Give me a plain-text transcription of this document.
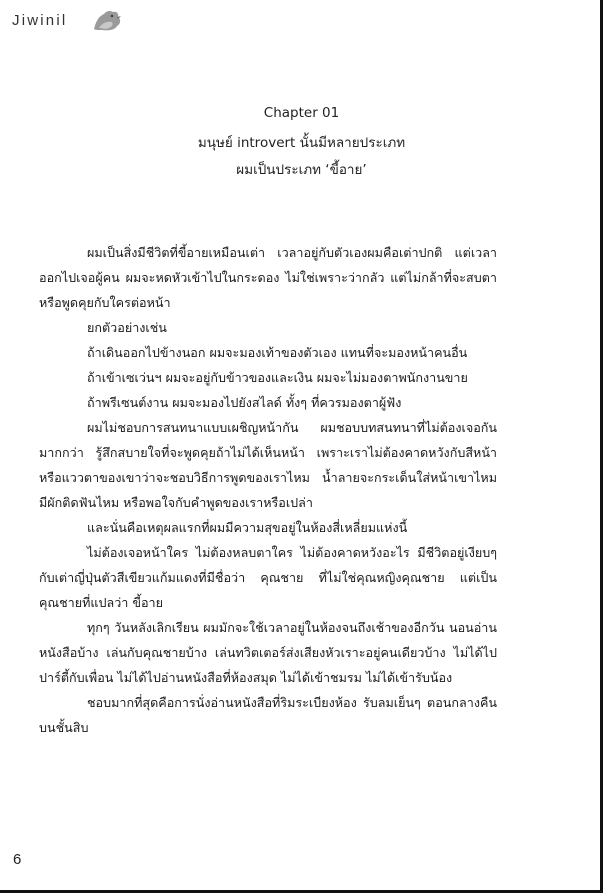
Jiwinil
Chapter 01
มนุษย์ introvert นั้นมีหลายประเภท
ผมเป็นประเภท ‘ขี้อาย’

ผมเป็นสิ่งมีชีวิตที่ขี้อายเหมือนเต่า เวลาอยู่กับตัวเองผมคือเต่าปกติ แต่เวลาออกไปเจอผู้คน ผมจะหดหัวเข้าไปในกระดอง ไม่ใช่เพราะว่ากลัว แต่ไม่กล้าที่จะสบตาหรือพูดคุยกับใครต่อหน้า

ยกตัวอย่างเช่น

ถ้าเดินออกไปข้างนอก ผมจะมองเท้าของตัวเอง แทนที่จะมองหน้าคนอื่น

ถ้าเข้าเซเว่นฯ ผมจะอยู่กับข้าวของและเงิน ผมจะไม่มองตาพนักงานขาย

ถ้าพรีเซนต์งาน ผมจะมองไปยังสไลด์ ทั้งๆ ที่ควรมองตาผู้ฟัง

ผมไม่ชอบการสนทนาแบบเผชิญหน้ากัน ผมชอบบทสนทนาที่ไม่ต้องเจอกันมากกว่า รู้สึกสบายใจที่จะพูดคุยถ้าไม่ได้เห็นหน้า เพราะเราไม่ต้องคาดหวังกับสีหน้าหรือแววตาของเขาว่าจะชอบวิธีการพูดของเราไหม น้ำลายจะกระเด็นใส่หน้าเขาไหม มีผักติดฟันไหม หรือพอใจกับคำพูดของเราหรือเปล่า

และนั่นคือเหตุผลแรกที่ผมมีความสุขอยู่ในห้องสี่เหลี่ยมแห่งนี้

ไม่ต้องเจอหน้าใคร ไม่ต้องหลบตาใคร ไม่ต้องคาดหวังอะไร มีชีวิตอยู่เงียบๆ กับเต่าญี่ปุ่นตัวสีเขียวแก้มแดงที่มีชื่อว่า คุณชาย ที่ไม่ใช่คุณหญิงคุณชาย แต่เป็นคุณชายที่แปลว่า ขี้อาย

ทุกๆ วันหลังเลิกเรียน ผมมักจะใช้เวลาอยู่ในห้องจนถึงเช้าของอีกวัน นอนอ่านหนังสือบ้าง เล่นกับคุณชายบ้าง เล่นทวิตเตอร์ส่งเสียงหัวเราะอยู่คนเดียวบ้าง ไม่ได้ไปปาร์ตี้กับเพื่อน ไม่ได้ไปอ่านหนังสือที่ห้องสมุด ไม่ได้เข้าชมรม ไม่ได้เข้ารับน้อง

ชอบมากที่สุดคือการนั่งอ่านหนังสือที่ริมระเบียงห้อง รับลมเย็นๆ ตอนกลางคืนบนชั้นสิบ

6
